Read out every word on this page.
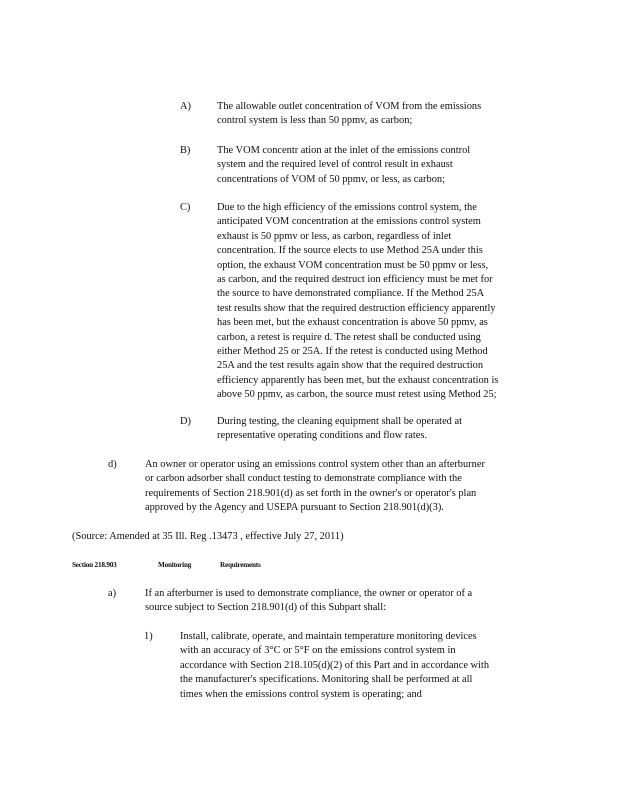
A)	The allowable outlet concentration of VOM from the emissions
control system is less than 50 ppmv, as carbon;
B)	The VOM concentr ation at the inlet of the emissions control
system and the required level of control result in exhaust
concentrations of VOM of 50 ppmv, or less, as carbon;
C)	Due to the high efficiency of the emissions control system, the
anticipated VOM concentration at the emissions control system
exhaust is 50 ppmv or less, as carbon, regardless of inlet
concentration. If the source elects to use Method 25A under this
option, the exhaust VOM concentration must be 50 ppmv or less,
as carbon, and the required destruct ion efficiency must be met for
the source to have demonstrated compliance. If the Method 25A
test results show that the required destruction efficiency apparently
has been met, but the exhaust concentration is above 50 ppmv, as
carbon, a retest is require d. The retest shall be conducted using
either Method 25 or 25A. If the retest is conducted using Method
25A and the test results again show that the required destruction
efficiency apparently has been met, but the exhaust concentration is
above 50 ppmv, as carbon, the source must retest using Method 25;
D)	During testing, the cleaning equipment shall be operated at
representative operating conditions and flow rates.
d)	An owner or operator using an emissions control system other than an afterburner
or carbon adsorber shall conduct testing to demonstrate compliance with the
requirements of Section 218.901(d) as set forth in the owner's or operator's plan
approved by the Agency and USEPA pursuant to Section 218.901(d)(3).
(Source: Amended at 35 Ill. Reg .13473 , effective July 27, 2011)
Section 218.903	Monitoring	Requirements
a)	If an afterburner is used to demonstrate compliance, the owner or operator of a
source subject to Section 218.901(d) of this Subpart shall:
1)	Install, calibrate, operate, and maintain temperature monitoring devices
with an accuracy of 3°C or 5°F on the emissions control system in
accordance with Section 218.105(d)(2) of this Part and in accordance with
the manufacturer's specifications. Monitoring shall be performed at all
times when the emissions control system is operating; and
